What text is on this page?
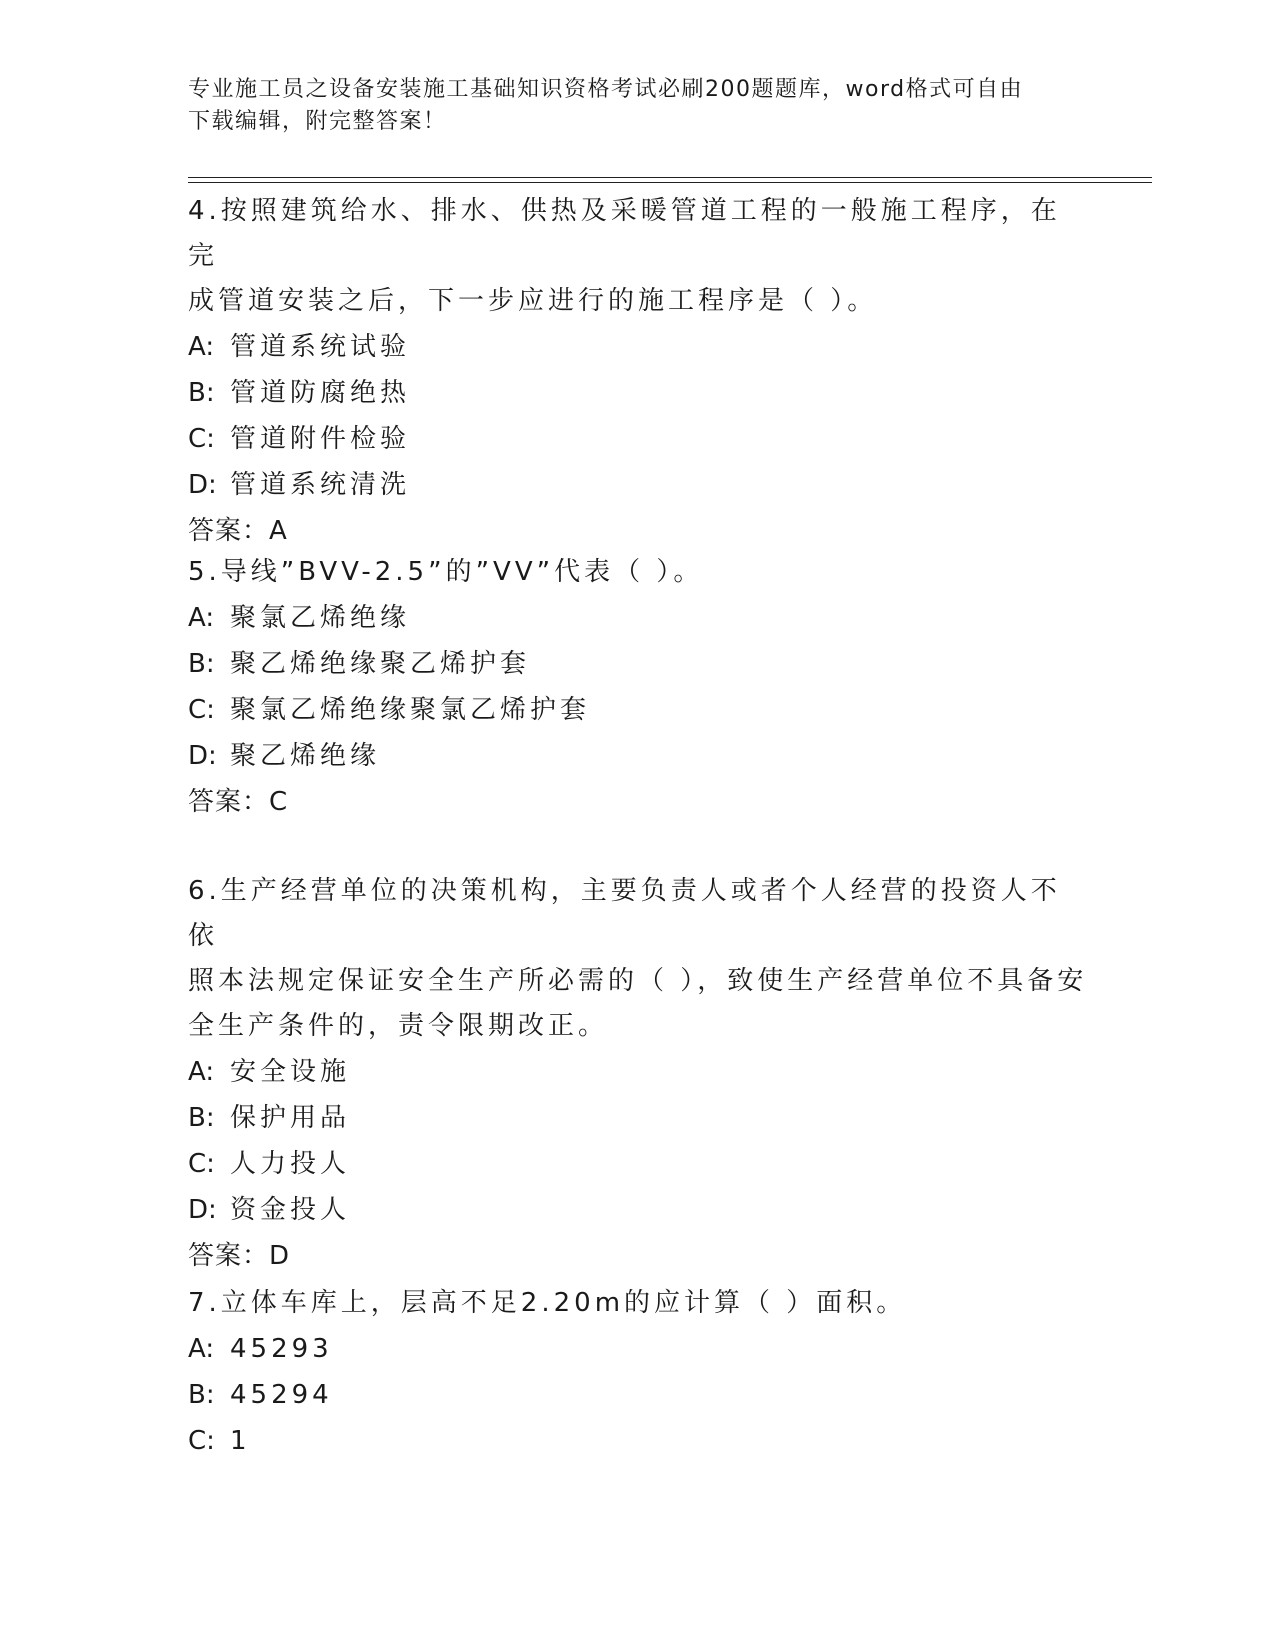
专业施工员之设备安装施工基础知识资格考试必刷200题题库，word格式可自由
下载编辑，附完整答案！

4.按照建筑给水、排水、供热及采暖管道工程的一般施工程序，在完

成管道安装之后，下一步应进行的施工程序是（ ）。

A: 管道系统试验

B: 管道防腐绝热

C: 管道附件检验

D: 管道系统清洗

答案：A

5.导线”BVV-2.5”的”VV”代表（ ）。

A: 聚氯乙烯绝缘

B: 聚乙烯绝缘聚乙烯护套

C: 聚氯乙烯绝缘聚氯乙烯护套

D: 聚乙烯绝缘

答案：C

6.生产经营单位的决策机构，主要负责人或者个人经营的投资人不依

照本法规定保证安全生产所必需的（ ），致使生产经营单位不具备安

全生产条件的，责令限期改正。

A: 安全设施

B: 保护用品

C: 人力投人

D: 资金投人

答案：D

7.立体车库上，层高不足2.20m的应计算（ ）面积。

A: 45293

B: 45294

C: 1
